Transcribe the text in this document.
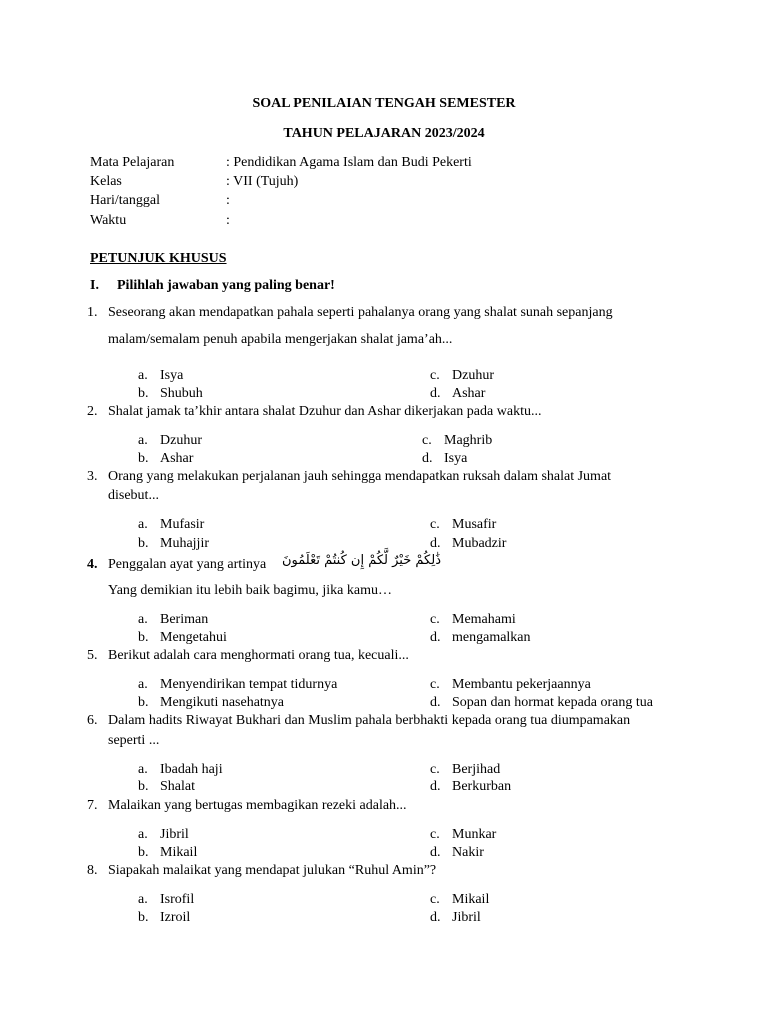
SOAL PENILAIAN TENGAH SEMESTER
TAHUN PELAJARAN 2023/2024
Mata Pelajaran	: Pendidikan Agama Islam dan Budi Pekerti
Kelas	: VII (Tujuh)
Hari/tanggal	:
Waktu	:
PETUNJUK KHUSUS
I. Pilihlah jawaban yang paling benar!
1. Seseorang akan mendapatkan pahala seperti pahalanya orang yang shalat sunah sepanjang
malam/semalam penuh apabila mengerjakan shalat jama’ah...
a. Isya	c. Dzuhur
b. Shubuh	d. Ashar
2. Shalat jamak ta’khir antara shalat Dzuhur dan Ashar dikerjakan pada waktu...
a. Dzuhur	c. Maghrib
b. Ashar	d. Isya
3. Orang yang melakukan perjalanan jauh sehingga mendapatkan ruksah dalam shalat Jumat
disebut...
a. Mufasir	c. Musafir
b. Muhajjir	d. Mubadzir
4. Penggalan ayat yang artinya ذَٰلِكُمْ خَيْرٌ لَّكُمْ إِن كُنتُمْ تَعْلَمُونَ
Yang demikian itu lebih baik bagimu, jika kamu…
a. Beriman	c. Memahami
b. Mengetahui	d. mengamalkan
5. Berikut adalah cara menghormati orang tua, kecuali...
a. Menyendirikan tempat tidurnya	c. Membantu pekerjaannya
b. Mengikuti nasehatnya	d. Sopan dan hormat kepada orang tua
6. Dalam hadits Riwayat Bukhari dan Muslim pahala berbhakti kepada orang tua diumpamakan
seperti ...
a. Ibadah haji	c. Berjihad
b. Shalat	d. Berkurban
7. Malaikan yang bertugas membagikan rezeki adalah...
a. Jibril	c. Munkar
b. Mikail	d. Nakir
8. Siapakah malaikat yang mendapat julukan “Ruhul Amin”?
a. Isrofil	c. Mikail
b. Izroil	d. Jibril
